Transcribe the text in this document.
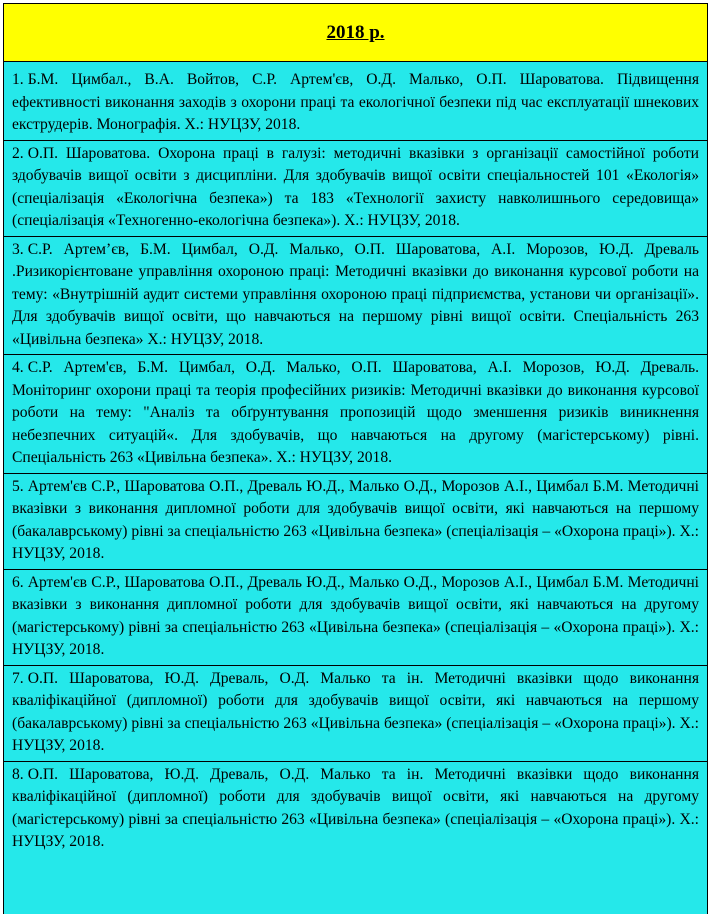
2018 р.
1. Б.М. Цимбал., В.А. Войтов, С.Р. Артем'єв, О.Д. Малько, О.П. Шароватова. Підвищення ефективності виконання заходів з охорони праці та екологічної безпеки під час експлуатації шнекових екструдерів. Монографія. Х.: НУЦЗУ, 2018.
2. О.П. Шароватова. Охорона праці в галузі: методичні вказівки з організації самостійної роботи здобувачів вищої освіти з дисципліни. Для здобувачів вищої освіти спеціальностей 101 «Екологія» (спеціалізація «Екологічна безпека») та 183 «Технології захисту навколишнього середовища» (спеціалізація «Техногенно-екологічна безпека»). Х.: НУЦЗУ, 2018.
3. С.Р. Артем’єв, Б.М. Цимбал, О.Д. Малько, О.П. Шароватова, А.І. Морозов, Ю.Д. Древаль .Ризикорієнтоване управління охороною праці: Методичні вказівки до виконання курсової роботи на тему: «Внутрішній аудит системи управління охороною праці підприємства, установи чи організації». Для здобувачів вищої освіти, що навчаються на першому рівні вищої освіти. Спеціальність 263 «Цивільна безпека» Х.: НУЦЗУ, 2018.
4. С.Р. Артем'єв, Б.М. Цимбал, О.Д. Малько, О.П. Шароватова, А.І. Морозов, Ю.Д. Древаль. Моніторинг охорони праці та теорія професійних ризиків: Методичні вказівки до виконання курсової роботи на тему: "Аналіз та обґрунтування пропозицій щодо зменшення ризиків виникнення небезпечних ситуацій«. Для здобувачів, що навчаються на другому (магістерському) рівні. Спеціальність 263 «Цивільна безпека». Х.: НУЦЗУ, 2018.
5. Артем'єв С.Р., Шароватова О.П., Древаль Ю.Д., Малько О.Д., Морозов А.І., Цимбал Б.М. Методичні вказівки з виконання дипломної роботи для здобувачів вищої освіти, які навчаються на першому (бакалаврському) рівні за спеціальністю 263 «Цивільна безпека» (спеціалізація – «Охорона праці»). Х.: НУЦЗУ, 2018.
6. Артем'єв С.Р., Шароватова О.П., Древаль Ю.Д., Малько О.Д., Морозов А.І., Цимбал Б.М. Методичні вказівки з виконання дипломної роботи для здобувачів вищої освіти, які навчаються на другому (магістерському) рівні за спеціальністю 263 «Цивільна безпека» (спеціалізація – «Охорона праці»). Х.: НУЦЗУ, 2018.
7. О.П. Шароватова, Ю.Д. Древаль, О.Д. Малько та ін. Методичні вказівки щодо виконання кваліфікаційної (дипломної) роботи для здобувачів вищої освіти, які навчаються на першому (бакалаврському) рівні за спеціальністю 263 «Цивільна безпека» (спеціалізація – «Охорона праці»). Х.: НУЦЗУ, 2018.
8. О.П. Шароватова, Ю.Д. Древаль, О.Д. Малько та ін. Методичні вказівки щодо виконання кваліфікаційної (дипломної) роботи для здобувачів вищої освіти, які навчаються на другому (магістерському) рівні за спеціальністю 263 «Цивільна безпека» (спеціалізація – «Охорона праці»). Х.: НУЦЗУ, 2018.
